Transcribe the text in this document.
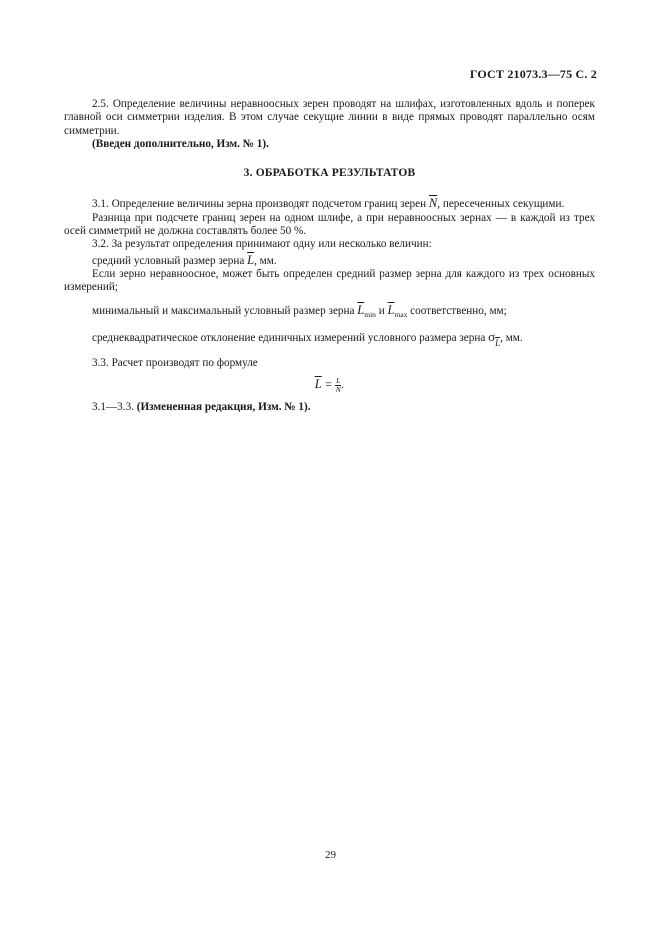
ГОСТ 21073.3—75 С. 2

2.5. Определение величины неравноосных зерен проводят на шлифах, изготовленных вдоль и поперек главной оси симметрии изделия. В этом случае секущие линии в виде прямых проводят параллельно осям симметрии.

(Введен дополнительно, Изм. № 1).

3. ОБРАБОТКА РЕЗУЛЬТАТОВ

3.1. Определение величины зерна производят подсчетом границ зерен $\overline{N}$, пересеченных секущими.

Разница при подсчете границ зерен на одном шлифе, а при неравноосных зернах — в каждой из трех осей симметрий не должна составлять более 50 %.

3.2. За результат определения принимают одну или несколько величин:

средний условный размер зерна $\overline{L}$, мм.

Если зерно неравноосное, может быть определен средний размер зерна для каждого из трех основных измерений;

минимальный и максимальный условный размер зерна $\overline{L}_{min}$ и $\overline{L}_{max}$ соответственно, мм;

среднеквадратическое отклонение единичных измерений условного размера зерна $\sigma_{\overline{L}}$, мм.

3.3. Расчет производят по формуле

$\overline{L} = \frac{L}{N}$ .

3.1—3.3. (Измененная редакция, Изм. № 1).

29
